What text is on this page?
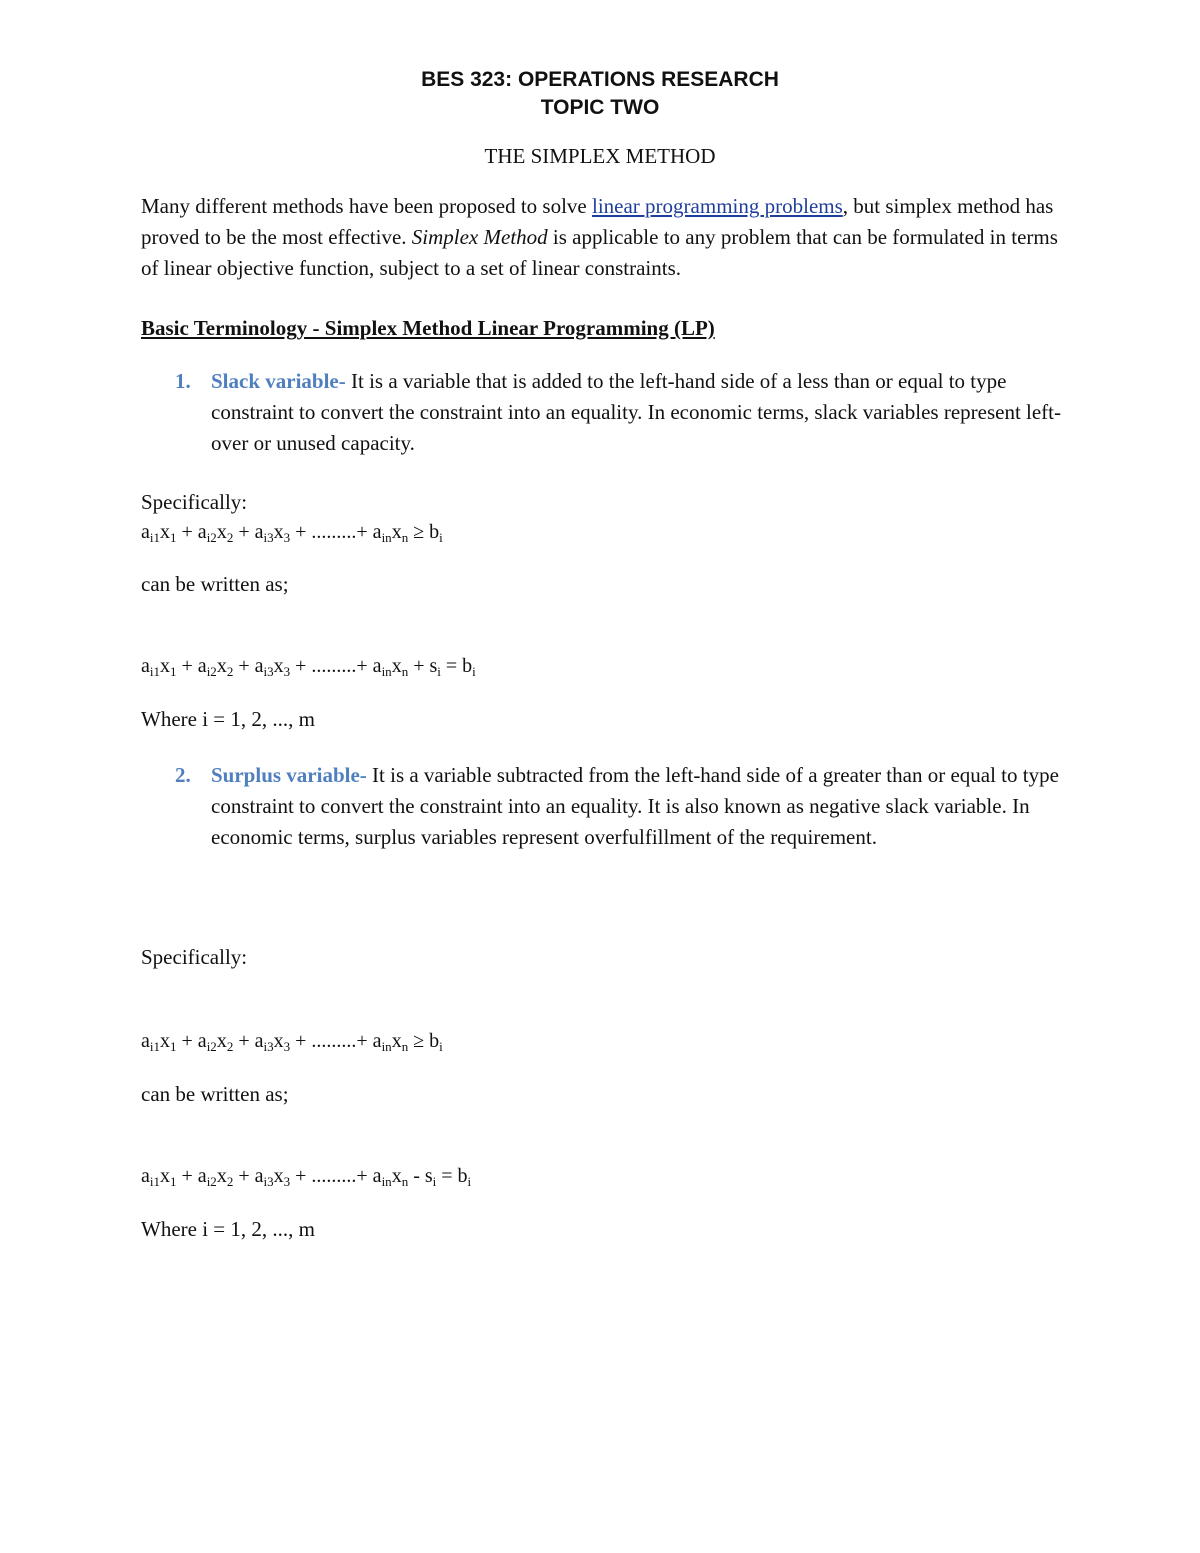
BES 323: OPERATIONS RESEARCH
TOPIC TWO
THE SIMPLEX METHOD
Many different methods have been proposed to solve linear programming problems, but simplex method has proved to be the most effective. Simplex Method is applicable to any problem that can be formulated in terms of linear objective function, subject to a set of linear constraints.
Basic Terminology - Simplex Method Linear Programming (LP)
1. Slack variable- It is a variable that is added to the left-hand side of a less than or equal to type constraint to convert the constraint into an equality. In economic terms, slack variables represent left-over or unused capacity.
Specifically:
$a_{i1}x_1 + a_{i2}x_2 + a_{i3}x_3$ + .........+ $a_{in}x_n \ge b_i$
can be written as;
$a_{i1}x_1 + a_{i2}x_2 + a_{i3}x_3$ + .........+ $a_{in}x_n + s_i = b_i$
Where i = 1, 2, ..., m
2. Surplus variable- It is a variable subtracted from the left-hand side of a greater than or equal to type constraint to convert the constraint into an equality. It is also known as negative slack variable. In economic terms, surplus variables represent overfulfillment of the requirement.
Specifically:
$a_{i1}x_1 + a_{i2}x_2 + a_{i3}x_3$ + .........+ $a_{in}x_n \ge b_i$
can be written as;
$a_{i1}x_1 + a_{i2}x_2 + a_{i3}x_3$ + .........+ $a_{in}x_n - s_i = b_i$
Where i = 1, 2, ..., m
